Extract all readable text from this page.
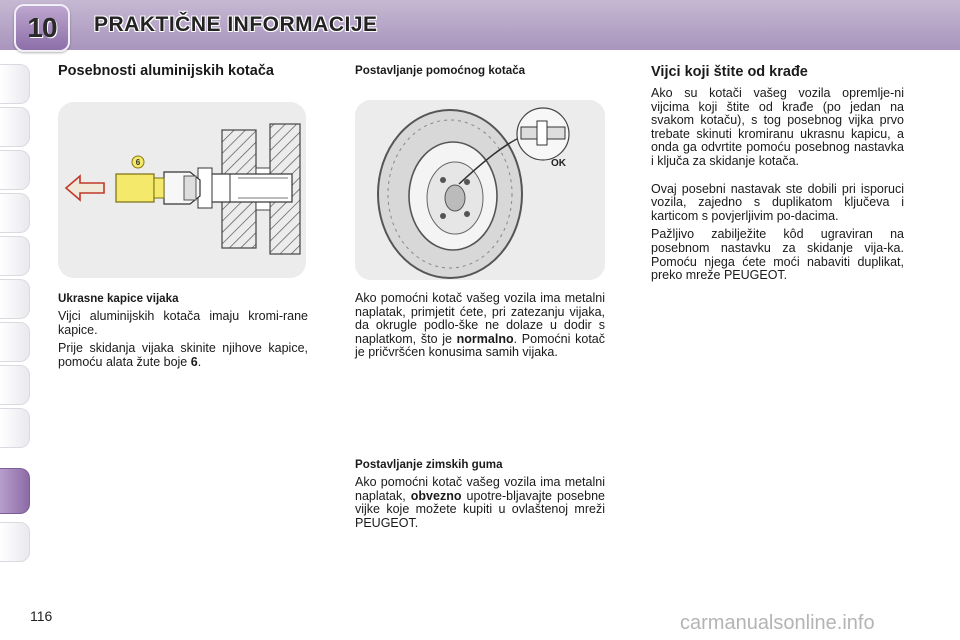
10 PRAKTIČNE INFORMACIJE
Posebnosti aluminijskih kotača
6
Ukrasne kapice vijaka

Vijci aluminijskih kotača imaju kromi-rane kapice.

Prije skidanja vijaka skinite njihove kapice, pomoću alata žute boje 6.

Postavljanje pomoćnog kotača
OK

Ako pomoćni kotač vašeg vozila ima metalni naplatak, primjetit ćete, pri zatezanju vijaka, da okrugle podlo-ške ne dolaze u dodir s naplatkom, što je normalno. Pomoćni kotač je pričvršćen konusima samih vijaka.

Postavljanje zimskih guma

Ako pomoćni kotač vašeg vozila ima metalni naplatak, obvezno upotre-bljavajte posebne vijke koje možete kupiti u ovlaštenoj mreži PEUGEOT.

Vijci koji štite od krađe

Ako su kotači vašeg vozila opremlje-ni vijcima koji štite od krađe (po jedan na svakom kotaču), s tog posebnog vijka prvo trebate skinuti kromiranu ukrasnu kapicu, a onda ga odvrtite pomoću posebnog nastavka i ključa za skidanje kotača.

Ovaj posebni nastavak ste dobili pri isporuci vozila, zajedno s duplikatom ključeva i karticom s povjerljivim po-dacima.

Pažljivo zabilježite kôd ugraviran na posebnom nastavku za skidanje vija-ka. Pomoću njega ćete moći nabaviti duplikat, preko mreže PEUGEOT.

116	carmanualsonline.info
